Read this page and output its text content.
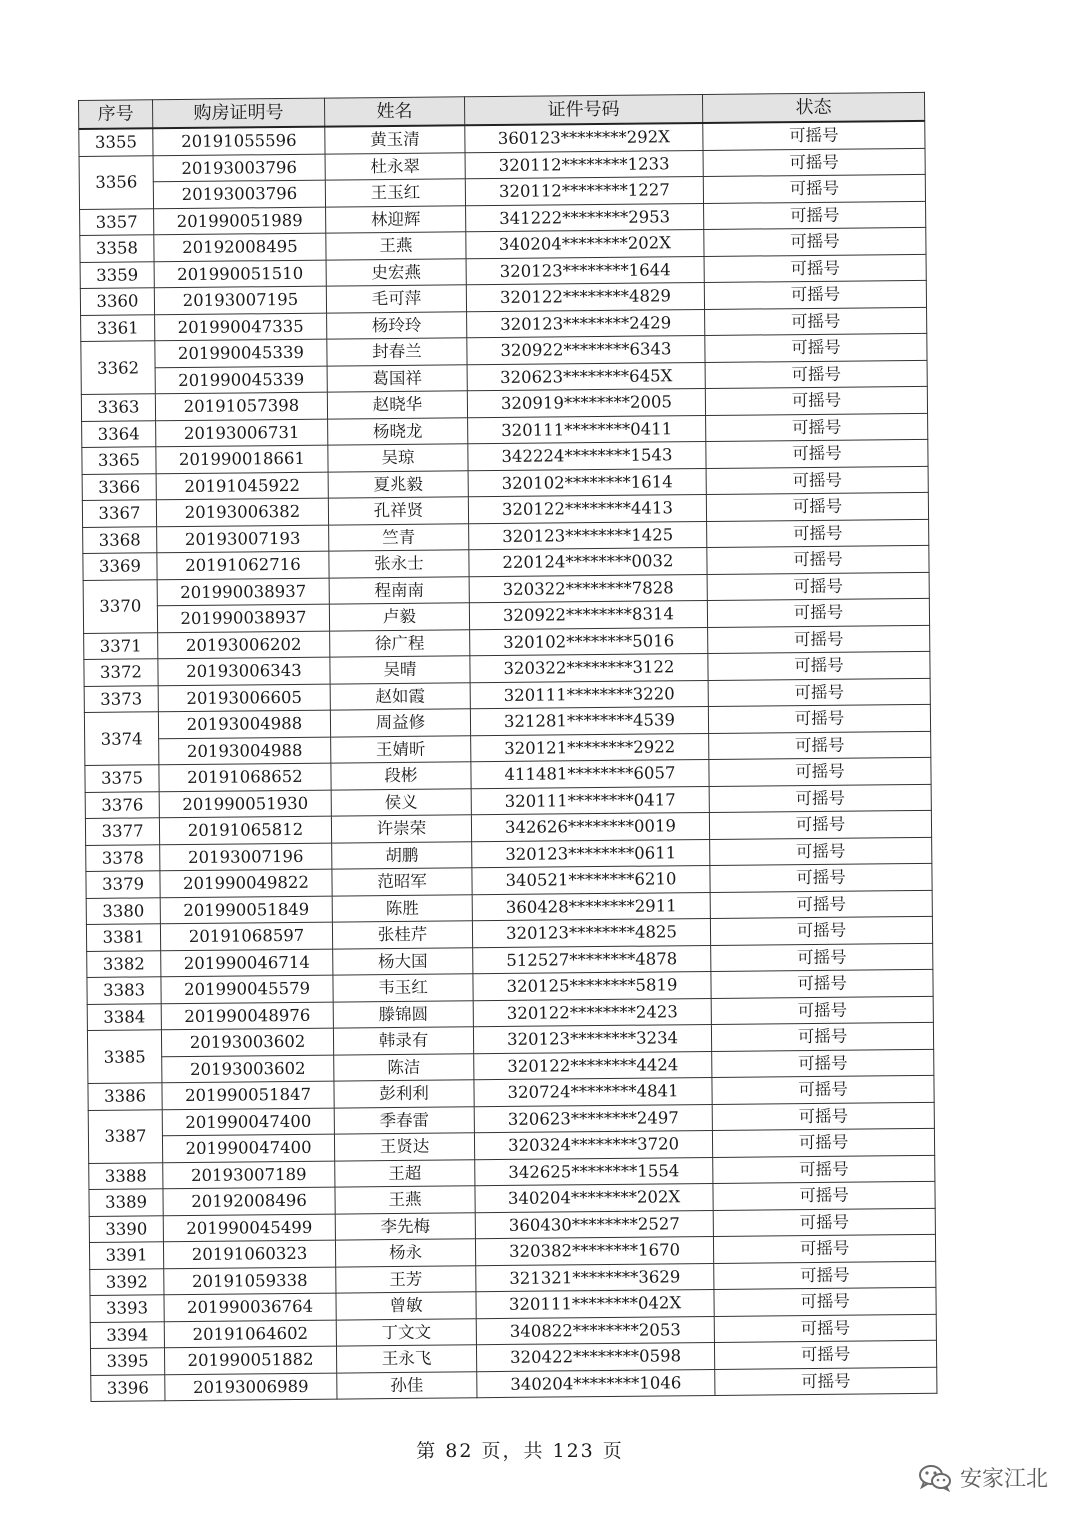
序号	购房证明号	姓名	证件号码	状态
3355	20191055596	黄玉清	360123********292X	可摇号
3356	20193003796	杜永翠	320112********1233	可摇号
	20193003796	王玉红	320112********1227	可摇号
3357	201990051989	林迎辉	341222********2953	可摇号
3358	20192008495	王燕	340204********202X	可摇号
3359	201990051510	史宏燕	320123********1644	可摇号
3360	20193007195	毛可萍	320122********4829	可摇号
3361	201990047335	杨玲玲	320123********2429	可摇号
3362	201990045339	封春兰	320922********6343	可摇号
	201990045339	葛国祥	320623********645X	可摇号
3363	20191057398	赵晓华	320919********2005	可摇号
3364	20193006731	杨晓龙	320111********0411	可摇号
3365	201990018661	吴琼	342224********1543	可摇号
3366	20191045922	夏兆毅	320102********1614	可摇号
3367	20193006382	孔祥贤	320122********4413	可摇号
3368	20193007193	竺青	320123********1425	可摇号
3369	20191062716	张永士	220124********0032	可摇号
3370	201990038937	程南南	320322********7828	可摇号
	201990038937	卢毅	320922********8314	可摇号
3371	20193006202	徐广程	320102********5016	可摇号
3372	20193006343	吴晴	320322********3122	可摇号
3373	20193006605	赵如霞	320111********3220	可摇号
3374	20193004988	周益修	321281********4539	可摇号
	20193004988	王婧昕	320121********2922	可摇号
3375	20191068652	段彬	411481********6057	可摇号
3376	201990051930	侯义	320111********0417	可摇号
3377	20191065812	许崇荣	342626********0019	可摇号
3378	20193007196	胡鹏	320123********0611	可摇号
3379	201990049822	范昭军	340521********6210	可摇号
3380	201990051849	陈胜	360428********2911	可摇号
3381	20191068597	张桂芹	320123********4825	可摇号
3382	201990046714	杨大国	512527********4878	可摇号
3383	201990045579	韦玉红	320125********5819	可摇号
3384	201990048976	滕锦圆	320122********2423	可摇号
3385	20193003602	韩录有	320123********3234	可摇号
	20193003602	陈洁	320122********4424	可摇号
3386	201990051847	彭利利	320724********4841	可摇号
3387	201990047400	季春雷	320623********2497	可摇号
	201990047400	王贤达	320324********3720	可摇号
3388	20193007189	王超	342625********1554	可摇号
3389	20192008496	王燕	340204********202X	可摇号
3390	201990045499	李先梅	360430********2527	可摇号
3391	20191060323	杨永	320382********1670	可摇号
3392	20191059338	王芳	321321********3629	可摇号
3393	201990036764	曾敏	320111********042X	可摇号
3394	20191064602	丁文文	340822********2053	可摇号
3395	201990051882	王永飞	320422********0598	可摇号
3396	20193006989	孙佳	340204********1046	可摇号
第 82 页，共 123 页
安家江北
